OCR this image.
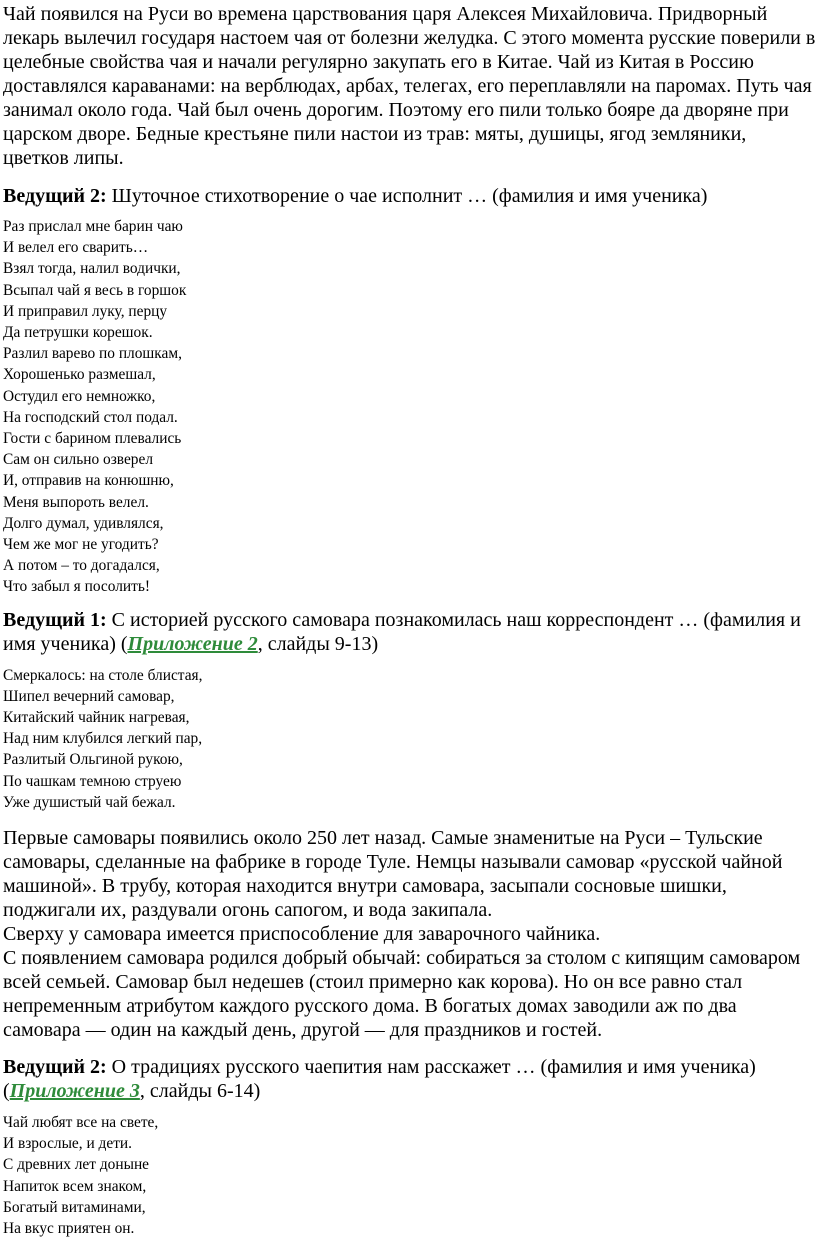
Чай появился на Руси во времена царствования царя Алексея Михайловича. Придворный лекарь вылечил государя настоем чая от болезни желудка. С этого момента русские поверили в целебные свойства чая и начали регулярно закупать его в Китае. Чай из Китая в Россию доставлялся караванами: на верблюдах, арбах, телегах, его переплавляли на паромах. Путь чая занимал около года. Чай был очень дорогим. Поэтому его пили только бояре да дворяне при царском дворе. Бедные крестьяне пили настои из трав: мяты, душицы, ягод земляники, цветков липы.

Ведущий 2: Шуточное стихотворение о чае исполнит … (фамилия и имя ученика)

Раз прислал мне барин чаю
И велел его сварить…
Взял тогда, налил водички,
Всыпал чай я весь в горшок
И приправил луку, перцу
Да петрушки корешок.
Разлил варево по плошкам,
Хорошенько размешал,
Остудил его немножко,
На господский стол подал.
Гости с барином плевались
Сам он сильно озверел
И, отправив на конюшню,
Меня выпороть велел.
Долго думал, удивлялся,
Чем же мог не угодить?
А потом – то догадался,
Что забыл я посолить!

Ведущий 1: С историей русского самовара познакомилась наш корреспондент … (фамилия и имя ученика) (Приложение 2, слайды 9-13)

Смеркалось: на столе блистая,
Шипел вечерний самовар,
Китайский чайник нагревая,
Над ним клубился легкий пар,
Разлитый Ольгиной рукою,
По чашкам темною струею
Уже душистый чай бежал.

Первые самовары появились около 250 лет назад. Самые знаменитые на Руси – Тульские самовары, сделанные на фабрике в городе Туле. Немцы называли самовар «русской чайной машиной». В трубу, которая находится внутри самовара, засыпали сосновые шишки, поджигали их, раздували огонь сапогом, и вода закипала.

Сверху у самовара имеется приспособление для заварочного чайника.

С появлением самовара родился добрый обычай: собираться за столом с кипящим самоваром всей семьей. Самовар был недешев (стоил примерно как корова). Но он все равно стал непременным атрибутом каждого русского дома. В богатых домах заводили аж по два самовара — один на каждый день, другой — для праздников и гостей.

Ведущий 2: О традициях русского чаепития нам расскажет … (фамилия и имя ученика) (Приложение 3, слайды 6-14)

Чай любят все на свете,
И взрослые, и дети.
С древних лет доныне
Напиток всем знаком,
Богатый витаминами,
На вкус приятен он.
